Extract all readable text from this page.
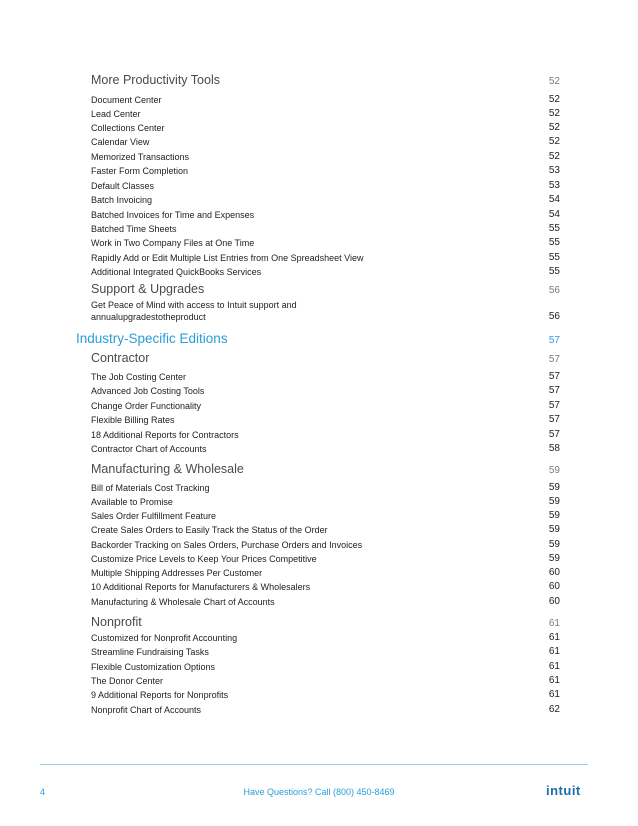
More Productivity Tools	52
Document Center	52
Lead Center	52
Collections Center	52
Calendar View	52
Memorized Transactions	52
Faster Form Completion	53
Default Classes	53
Batch Invoicing	54
Batched Invoices for Time and Expenses	54
Batched Time Sheets	55
Work in Two Company Files at One Time	55
Rapidly Add or Edit Multiple List Entries from One Spreadsheet View	55
Additional Integrated QuickBooks Services	55
Support & Upgrades	56
Get Peace of Mind with access to Intuit support and
annualupgradestotheproduct	56
Industry-Specific Editions	57
Contractor	57
The Job Costing Center	57
Advanced Job Costing Tools	57
Change Order Functionality	57
Flexible Billing Rates	57
18 Additional Reports for Contractors	57
Contractor Chart of Accounts	58
Manufacturing & Wholesale	59
Bill of Materials Cost Tracking	59
Available to Promise	59
Sales Order Fulfillment Feature	59
Create Sales Orders to Easily Track the Status of the Order	59
Backorder Tracking on Sales Orders, Purchase Orders and Invoices	59
Customize Price Levels to Keep Your Prices Competitive	59
Multiple Shipping Addresses Per Customer	60
10 Additional Reports for Manufacturers & Wholesalers	60
Manufacturing & Wholesale Chart of Accounts	60
Nonprofit	61
Customized for Nonprofit Accounting	61
Streamline Fundraising Tasks	61
Flexible Customization Options	61
The Donor Center	61
9 Additional Reports for Nonprofits	61
Nonprofit Chart of Accounts	62
4	Have Questions? Call (800) 450-8469	intuit
